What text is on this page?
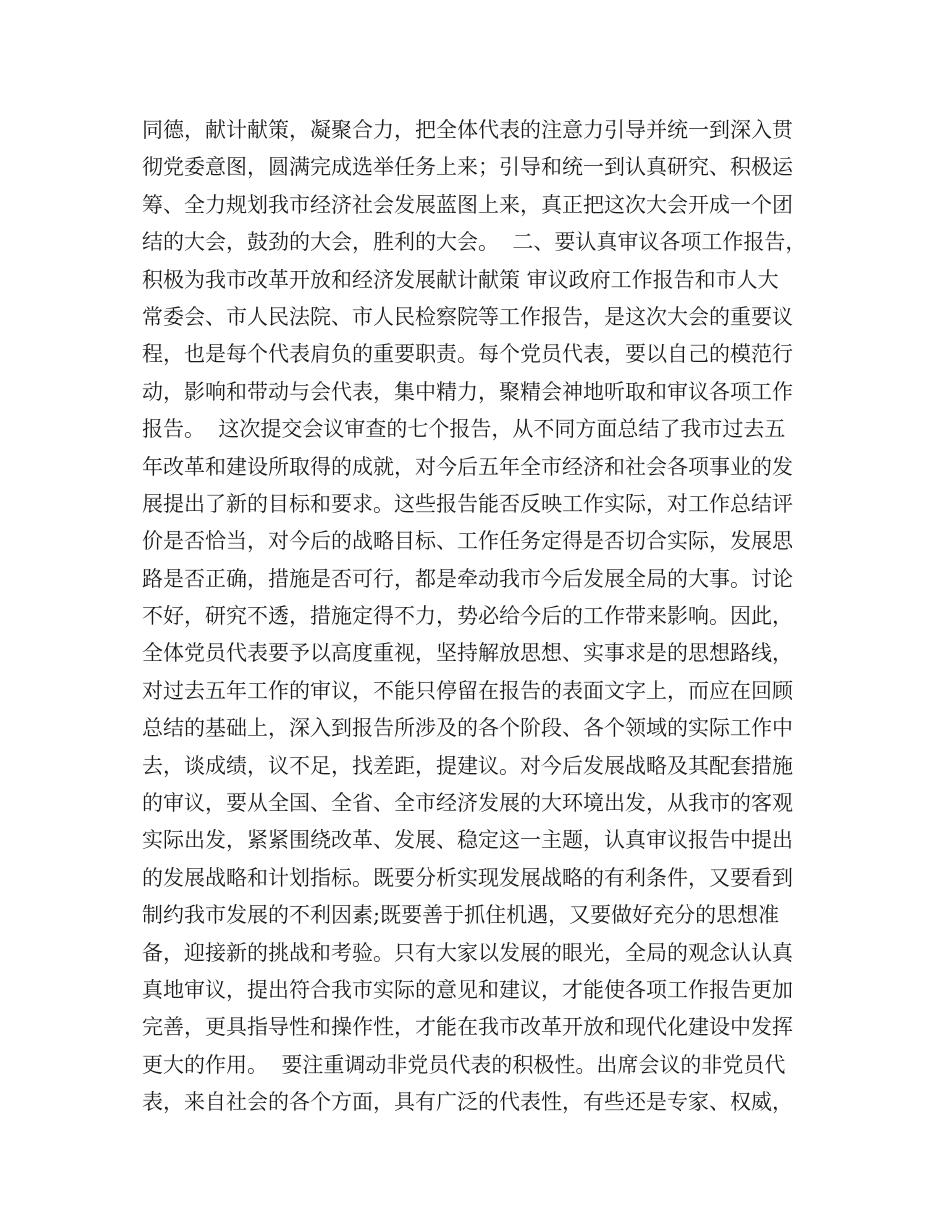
同德，献计献策，凝聚合力，把全体代表的注意力引导并统一到深入贯
彻党委意图，圆满完成选举任务上来；引导和统一到认真研究、积极运
筹、全力规划我市经济社会发展蓝图上来，真正把这次大会开成一个团
结的大会，鼓劲的大会，胜利的大会。  二、要认真审议各项工作报告，
积极为我市改革开放和经济发展献计献策 审议政府工作报告和市人大
常委会、市人民法院、市人民检察院等工作报告，是这次大会的重要议
程，也是每个代表肩负的重要职责。每个党员代表，要以自己的模范行
动，影响和带动与会代表，集中精力，聚精会神地听取和审议各项工作
报告。  这次提交会议审查的七个报告，从不同方面总结了我市过去五
年改革和建设所取得的成就，对今后五年全市经济和社会各项事业的发
展提出了新的目标和要求。这些报告能否反映工作实际，对工作总结评
价是否恰当，对今后的战略目标、工作任务定得是否切合实际，发展思
路是否正确，措施是否可行，都是牵动我市今后发展全局的大事。讨论
不好，研究不透，措施定得不力，势必给今后的工作带来影响。因此，
全体党员代表要予以高度重视，坚持解放思想、实事求是的思想路线，
对过去五年工作的审议，不能只停留在报告的表面文字上，而应在回顾
总结的基础上，深入到报告所涉及的各个阶段、各个领域的实际工作中
去，谈成绩，议不足，找差距，提建议。对今后发展战略及其配套措施
的审议，要从全国、全省、全市经济发展的大环境出发，从我市的客观
实际出发，紧紧围绕改革、发展、稳定这一主题，认真审议报告中提出
的发展战略和计划指标。既要分析实现发展战略的有利条件，又要看到
制约我市发展的不利因素;既要善于抓住机遇，又要做好充分的思想准
备，迎接新的挑战和考验。只有大家以发展的眼光，全局的观念认认真
真地审议，提出符合我市实际的意见和建议，才能使各项工作报告更加
完善，更具指导性和操作性，才能在我市改革开放和现代化建设中发挥
更大的作用。  要注重调动非党员代表的积极性。出席会议的非党员代
表，来自社会的各个方面，具有广泛的代表性，有些还是专家、权威，
